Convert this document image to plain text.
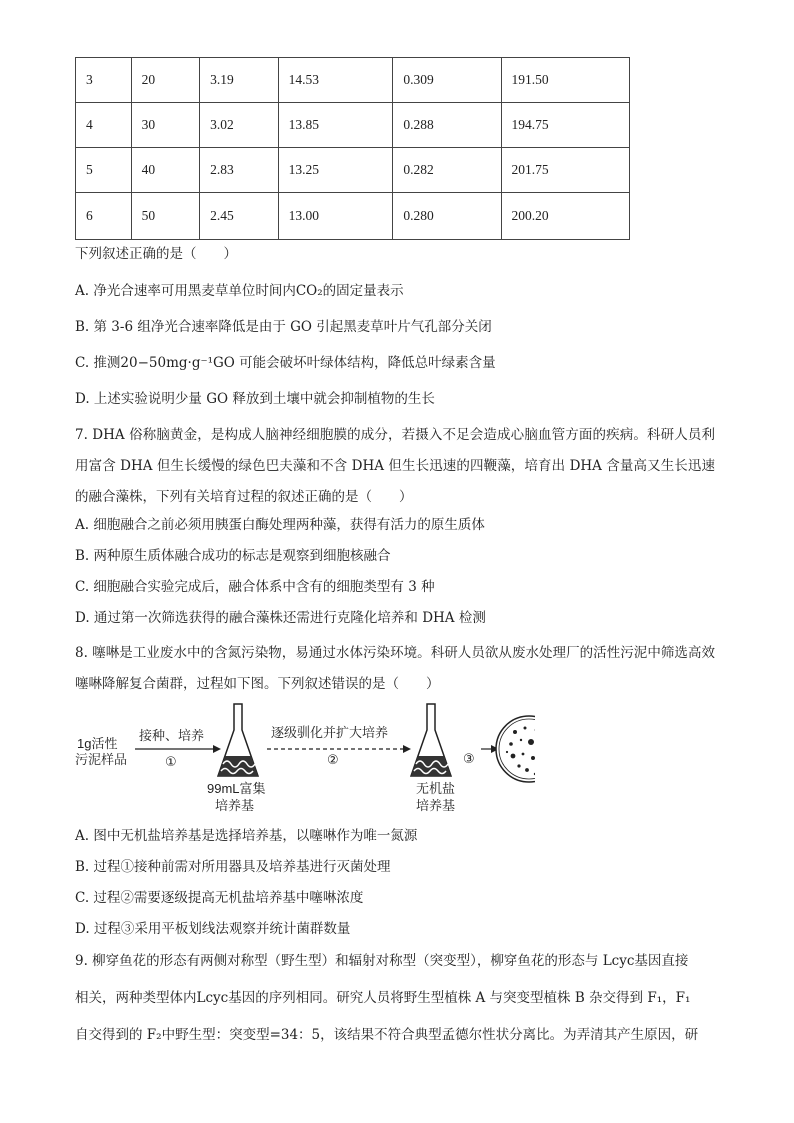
3	20	3.19	14.53	0.309	191.50
4	30	3.02	13.85	0.288	194.75
5	40	2.83	13.25	0.282	201.75
6	50	2.45	13.00	0.280	200.20
下列叙述正确的是（　　）
A. 净光合速率可用黑麦草单位时间内CO₂的固定量表示
B. 第 3-6 组净光合速率降低是由于 GO 引起黑麦草叶片气孔部分关闭
C. 推测20−50mg·g⁻¹GO 可能会破坏叶绿体结构，降低总叶绿素含量
D. 上述实验说明少量 GO 释放到土壤中就会抑制植物的生长
7. DHA 俗称脑黄金，是构成人脑神经细胞膜的成分，若摄入不足会造成心脑血管方面的疾病。科研人员利用富含 DHA 但生长缓慢的绿色巴夫藻和不含 DHA 但生长迅速的四鞭藻，培育出 DHA 含量高又生长迅速的融合藻株，下列有关培育过程的叙述正确的是（　　）
A. 细胞融合之前必须用胰蛋白酶处理两种藻，获得有活力的原生质体
B. 两种原生质体融合成功的标志是观察到细胞核融合
C. 细胞融合实验完成后，融合体系中含有的细胞类型有 3 种
D. 通过第一次筛选获得的融合藻株还需进行克隆化培养和 DHA 检测
8. 噻啉是工业废水中的含氮污染物，易通过水体污染环境。科研人员欲从废水处理厂的活性污泥中筛选高效噻啉降解复合菌群，过程如下图。下列叙述错误的是（　　）
1g活性
污泥样品
接种、培养
①
99mL富集
培养基
逐级驯化并扩大培养
②
无机盐
培养基
③
A. 图中无机盐培养基是选择培养基，以噻啉作为唯一氮源
B. 过程①接种前需对所用器具及培养基进行灭菌处理
C. 过程②需要逐级提高无机盐培养基中噻啉浓度
D. 过程③采用平板划线法观察并统计菌群数量
9. 柳穿鱼花的形态有两侧对称型（野生型）和辐射对称型（突变型），柳穿鱼花的形态与 Lcyc基因直接
相关，两种类型体内Lcyc基因的序列相同。研究人员将野生型植株 A 与突变型植株 B 杂交得到 F₁，F₁
自交得到的 F₂中野生型：突变型=34：5，该结果不符合典型孟德尔性状分离比。为弄清其产生原因，研
